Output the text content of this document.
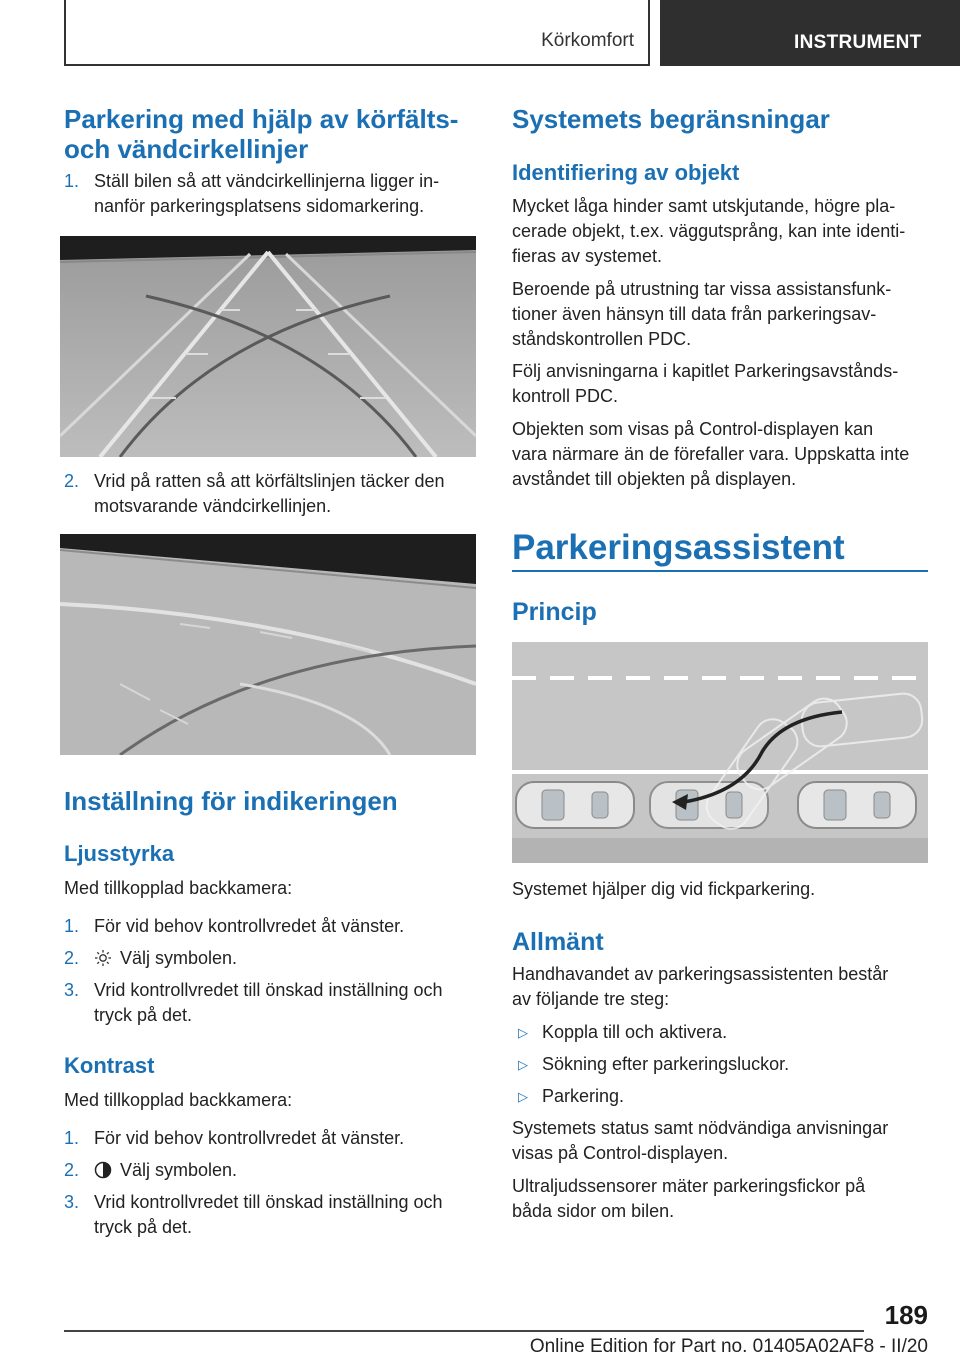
Körkomfort	INSTRUMENT
Parkering med hjälp av körfälts-
och vändcirkellinjer
1. Ställ bilen så att vändcirkellinjerna ligger in-
nanför parkeringsplatsens sidomarkering.
2. Vrid på ratten så att körfältslinjen täcker den
motsvarande vändcirkellinjen.
Inställning för indikeringen
Ljusstyrka

Med tillkopplad backkamera:

1. För vid behov kontrollvredet åt vänster.
2. Välj symbolen.
3. Vrid kontrollvredet till önskad inställning och
tryck på det.
Kontrast

Med tillkopplad backkamera:

1. För vid behov kontrollvredet åt vänster.
2. Välj symbolen.
3. Vrid kontrollvredet till önskad inställning och
tryck på det.
Systemets begränsningar
Identifiering av objekt

Mycket låga hinder samt utskjutande, högre pla-
cerade objekt, t.ex. väggutsprång, kan inte identi-
fieras av systemet.

Beroende på utrustning tar vissa assistansfunk-
tioner även hänsyn till data från parkeringsav-
ståndskontrollen PDC.

Följ anvisningarna i kapitlet Parkeringsavstånds-
kontroll PDC.

Objekten som visas på Control-displayen kan
vara närmare än de förefaller vara. Uppskatta inte
avståndet till objekten på displayen.

Parkeringsassistent
Princip

Systemet hjälper dig vid fickparkering.

Allmänt

Handhavandet av parkeringsassistenten består
av följande tre steg:

▷ Koppla till och aktivera.
▷ Sökning efter parkeringsluckor.
▷ Parkering.

Systemets status samt nödvändiga anvisningar
visas på Control-displayen.

Ultraljudssensorer mäter parkeringsfickor på
båda sidor om bilen.

189
Online Edition for Part no. 01405A02AF8 - II/20
